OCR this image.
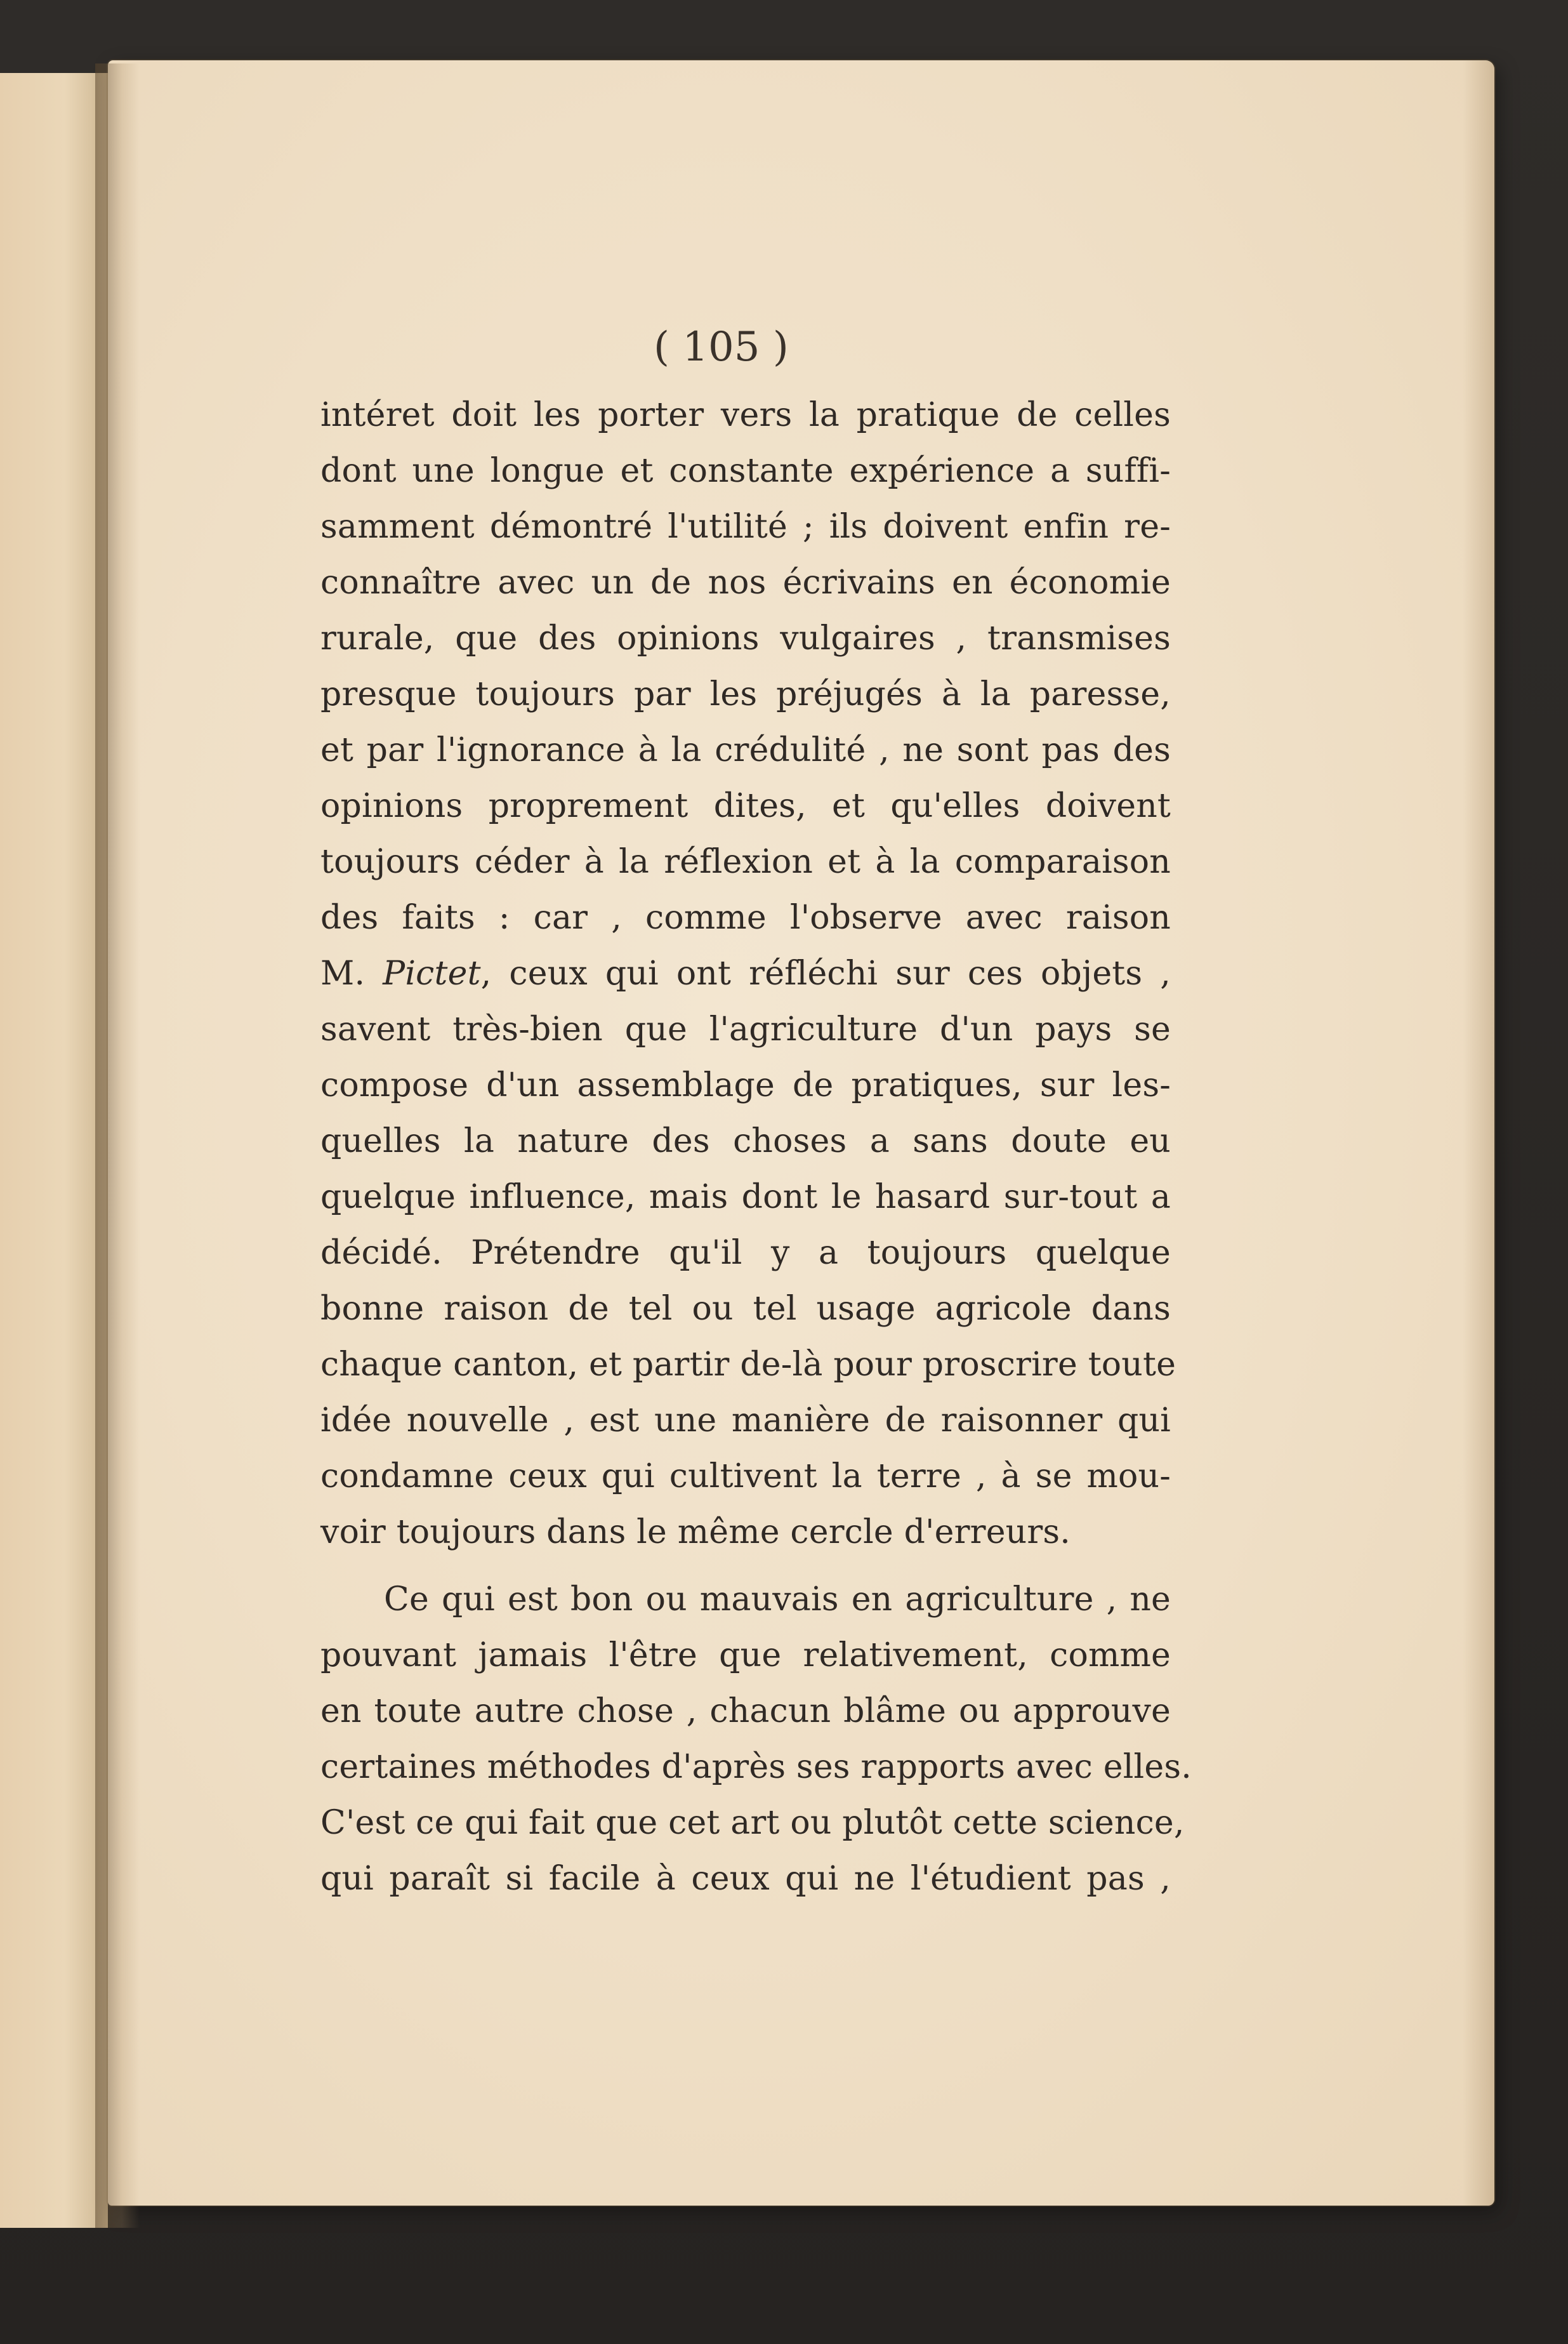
( 105 )
intéret doit les porter vers la pratique de celles
dont une longue et constante expérience a suffi-
samment démontré l'utilité ; ils doivent enfin re-
connaître avec un de nos écrivains en économie
rurale, que des opinions vulgaires , transmises
presque toujours par les préjugés à la paresse,
et par l'ignorance à la crédulité , ne sont pas des
opinions proprement dites, et qu'elles doivent
toujours céder à la réflexion et à la comparaison
des faits : car , comme l'observe avec raison
M. Pictet, ceux qui ont réfléchi sur ces objets ,
savent très-bien que l'agriculture d'un pays se
compose d'un assemblage de pratiques, sur les-
quelles la nature des choses a sans doute eu
quelque influence, mais dont le hasard sur-tout a
décidé. Prétendre qu'il y a toujours quelque
bonne raison de tel ou tel usage agricole dans
chaque canton, et partir de-là pour proscrire toute
idée nouvelle , est une manière de raisonner qui
condamne ceux qui cultivent la terre , à se mou-
voir toujours dans le même cercle d'erreurs.
Ce qui est bon ou mauvais en agriculture , ne
pouvant jamais l'être que relativement, comme
en toute autre chose , chacun blâme ou approuve
certaines méthodes d'après ses rapports avec elles.
C'est ce qui fait que cet art ou plutôt cette science,
qui paraît si facile à ceux qui ne l'étudient pas ,
